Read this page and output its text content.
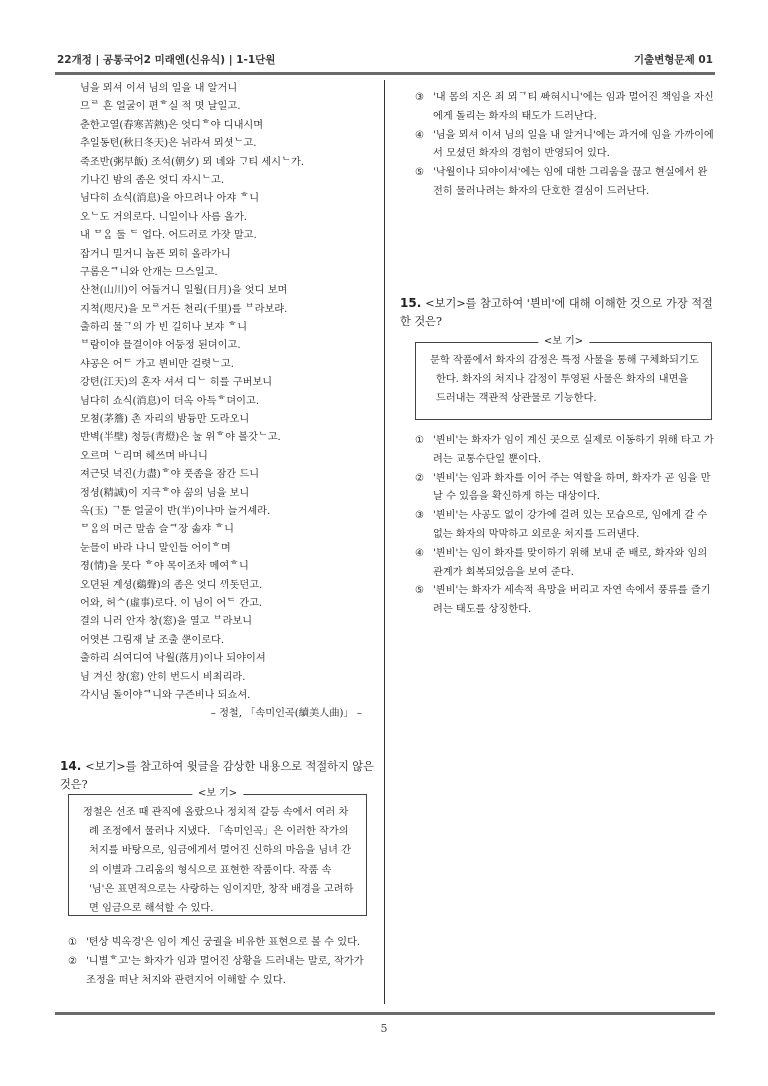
22개정 | 공통국어2 미래엔(신유식) | 1-1단원	기출변형문제 01
님을 뫼셔 이셔 님의 일을 내 알거니
므ᄅ 흔 얼굴이 편ᄒ실 적 몃 날일고.
춘한고열(春寒苦熱)은 엇디ᄒ야 디내시며
추일동텬(秋日冬天)은 뉘라셔 뫼셧ᄂ고.
죽조반(粥早飯) 조석(朝夕) 뫼 녜와 ᄀᆞ티 세시ᄂ가.
기나긴 밤의 좀은 엇디 자시ᄂ고.
님다히 쇼식(消息)을 아므려나 아쟈 ᄒ니
오ᄂ도 거의로다. 니일이나 사름 올가.
내 ᄆᄋᆞᆷ 둘 ᄃ 업다. 어드러로 가잣 말고.
잡거니 밀거니 놉픈 뫼히 올라가니
구롬은ᄏ니와 안개는 므스일고.
산쳔(山川)이 어둡거니 일월(日月)을 엇디 보며
지쳑(咫尺)을 모ᄅ거든 쳔리(千里)를 ᄇ라보랴.
출하리 물ᄀ의 가 빈 길히나 보쟈 ᄒ니
ᄇ람이야 믈결이야 어둥정 된뎌이고.
샤공은 어ᄃ 가고 븬비만 걸렷ᄂ고.
강텬(江天)의 혼자 셔셔 디ᄂ 히를 구버보니
님다히 쇼식(消息)이 더옥 아득ᄒ뎌이고.
모쳠(茅簷) 촌 자리의 밤듕만 도라오니
반벽(半壁) 청등(靑燈)은 눌 위ᄒ야 볼갓ᄂ고.
오르며 ᄂ리며 헤쓰며 바니니
져근덧 녁진(力盡)ᄒ야 풋좀을 잠간 드니
정셩(精誠)이 지극ᄒ야 ᄭᅮᆷ의 님을 보니
옥(玉) ᄀ툰 얼굴이 반(半)이나마 늘거셰라.
ᄆᄋᆞᆷ의 머근 말솜 슬ᄏ장 솗쟈 ᄒ니
눈믈이 바라 나니 말인들 어이ᄒ며
졍(情)을 못다 ᄒ야 목이조차 메여ᄒ니
오뎐된 계셩(鷄聲)의 좀은 엇디 ᄭᆡ돗던고.
어와, 허ᄉ(虛事)로다. 이 님이 어ᄃ 간고.
결의 니러 안자 창(窓)을 열고 ᄇ라보니
어엿븐 그림재 날 조출 ᄲᅮᆫ이로다.
출하리 싀여디여 낙월(落月)이나 되야이셔
님 겨신 창(窓) 안히 번드시 비최리라.
각시님 돌이야ᄏ니와 구즌비나 되쇼셔.
– 정철, 「속미인곡(續美人曲)」 –
14. <보기>를 참고하여 윗글을 감상한 내용으로 적절하지 않은 것은?
<보 기>
정철은 선조 때 관직에 올랐으나 정치적 갈등 속에서 여러 차례 조정에서 물러나 지냈다. 「속미인곡」은 이러한 작가의 처지를 바탕으로, 임금에게서 멀어진 신하의 마음을 님녀 간의 이별과 그리움의 형식으로 표현한 작품이다. 작품 속 '님'은 표면적으로는 사랑하는 임이지만, 창작 배경을 고려하면 임금으로 해석할 수 있다.
① '텬상 빅옥경'은 임이 계신 궁궐을 비유한 표현으로 볼 수 있다.
② '니별ᄒ고'는 화자가 임과 멀어진 상황을 드러내는 말로, 작가가 조정을 떠난 처지와 관련지어 이해할 수 있다.
③ '내 몸의 지은 죄 뫼ᄀ티 ᄲᅡ혀시니'에는 임과 멀어진 책임을 자신에게 돌리는 화자의 태도가 드러난다.
④ '님을 뫼셔 이셔 님의 일을 내 알거니'에는 과거에 임을 가까이에서 모셨던 화자의 경험이 반영되어 있다.
⑤ '낙월이나 되야이셔'에는 임에 대한 그리움을 끊고 현실에서 완전히 물러나려는 화자의 단호한 결심이 드러난다.
15. <보기>를 참고하여 '븬비'에 대해 이해한 것으로 가장 적절한 것은?
<보 기>
문학 작품에서 화자의 감정은 특정 사물을 통해 구체화되기도 한다. 화자의 처지나 감정이 투영된 사물은 화자의 내면을 드러내는 객관적 상관물로 기능한다.
① '븬비'는 화자가 임이 계신 곳으로 실제로 이동하기 위해 타고 가려는 교통수단일 뿐이다.
② '븬비'는 임과 화자를 이어 주는 역할을 하며, 화자가 곧 임을 만날 수 있음을 확신하게 하는 대상이다.
③ '븬비'는 사공도 없이 강가에 걸려 있는 모습으로, 임에게 갈 수 없는 화자의 막막하고 외로운 처지를 드러낸다.
④ '븬비'는 임이 화자를 맞이하기 위해 보내 준 배로, 화자와 임의 관계가 회복되었음을 보여 준다.
⑤ '븬비'는 화자가 세속적 욕망을 버리고 자연 속에서 풍류를 즐기려는 태도를 상징한다.
5
